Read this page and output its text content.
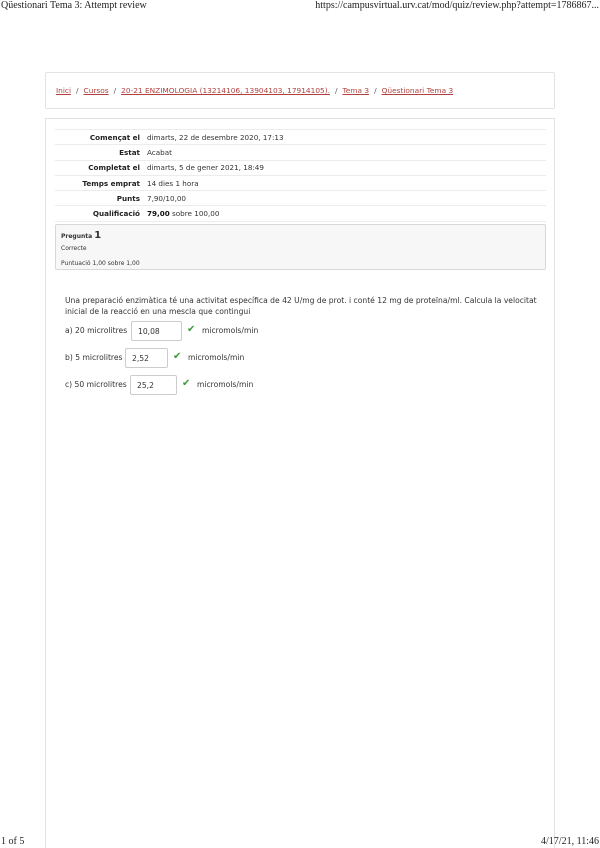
Qüestionari Tema 3: Attempt review	https://campusvirtual.urv.cat/mod/quiz/review.php?attempt=1786867...
Inici / Cursos / 20-21 ENZIMOLOGIA (13214106, 13904103, 17914105). / Tema 3 / Qüestionari Tema 3
Començat el	dimarts, 22 de desembre 2020, 17:13
Estat	Acabat
Completat el	dimarts, 5 de gener 2021, 18:49
Temps emprat	14 dies 1 hora
Punts	7,90/10,00
Qualificació	79,00 sobre 100,00
Pregunta 1
Correcte
Puntuació 1,00 sobre 1,00
Una preparació enzimàtica té una activitat específica de 42 U/mg de prot. i conté 12 mg de proteïna/ml. Calcula la velocitat inicial de la reacció en una mescla que contingui
a) 20 microlitres	10,08	✔ micromols/min
b) 5 microlitres	2,52	✔ micromols/min
c) 50 microlitres	25,2	✔ micromols/min
1 of 5	4/17/21, 11:46
